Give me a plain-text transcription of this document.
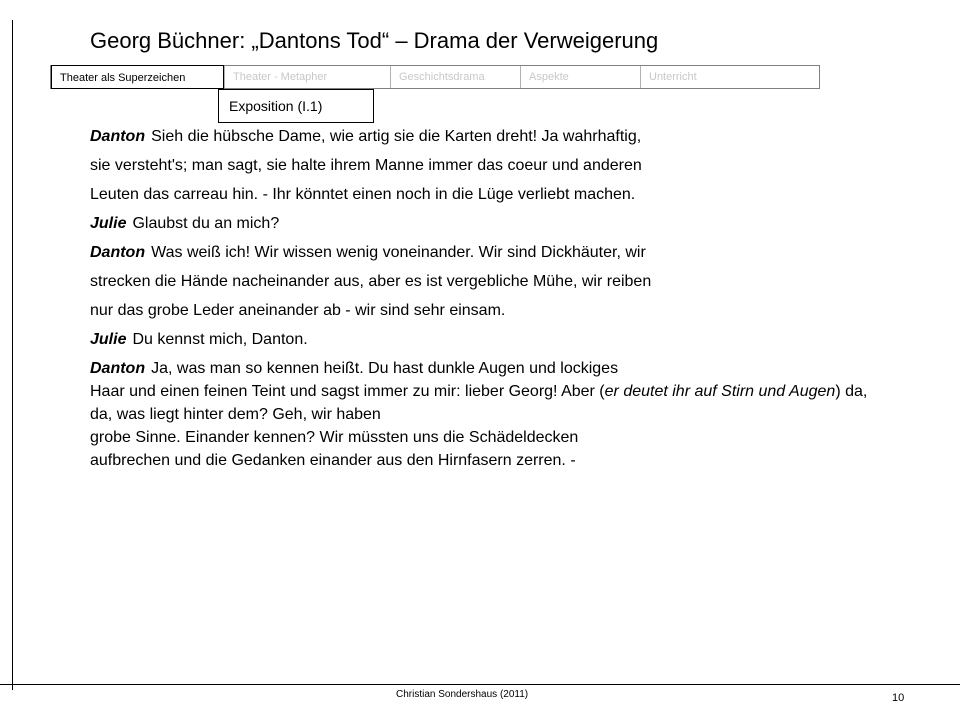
Georg Büchner: „Dantons Tod“ – Drama der Verweigerung
Theater als Superzeichen	Theater - Metapher	Geschichtsdrama	Aspekte	Unterricht
Exposition (I.1)

Danton Sieh die hübsche Dame, wie artig sie die Karten dreht! Ja wahrhaftig,
sie versteht's; man sagt, sie halte ihrem Manne immer das coeur und anderen
Leuten das carreau hin. - Ihr könntet einen noch in die Lüge verliebt machen.

Julie Glaubst du an mich?

Danton Was weiß ich! Wir wissen wenig voneinander. Wir sind Dickhäuter, wir
strecken die Hände nacheinander aus, aber es ist vergebliche Mühe, wir reiben
nur das grobe Leder aneinander ab - wir sind sehr einsam.

Julie Du kennst mich, Danton.

Danton Ja, was man so kennen heißt. Du hast dunkle Augen und lockiges
Haar und einen feinen Teint und sagst immer zu mir: lieber Georg! Aber (er deutet ihr auf Stirn und Augen) da, da, was liegt hinter dem? Geh, wir haben
grobe Sinne. Einander kennen? Wir müssten uns die Schädeldecken
aufbrechen und die Gedanken einander aus den Hirnfasern zerren. -

Christian Sondershaus (2011)	10
